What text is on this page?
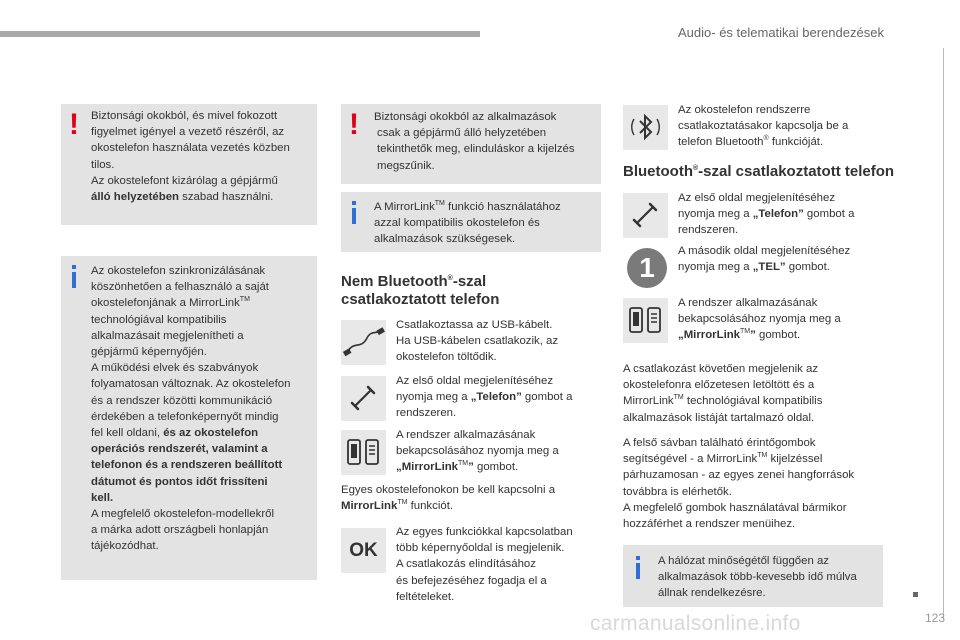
Audio- és telematikai berendezések

Biztonsági okokból, és mivel fokozott

figyelmet igényel a vezető részéről, az

okostelefon használata vezetés közben

tilos.

Az okostelefont kizárólag a gépjármű

álló helyzetében szabad használni.

!

Az okostelefon szinkronizálásának

köszönhetően a felhasználó a saját

okostelefonjának a MirrorLink™

technológiával kompatibilis

alkalmazásait megjelenítheti a

gépjármű képernyőjén.

A működési elvek és szabványok

folyamatosan változnak. Az okostelefon

és a rendszer közötti kommunikáció

érdekében a telefonképernyőt mindig

fel kell oldani, és az okostelefon

operációs rendszerét, valamint a

telefonon és a rendszeren beállított

dátumot és pontos időt frissíteni

kell.

A megfelelő okostelefon-modellekről

a márka adott országbeli honlapján

tájékozódhat.

Biztonsági okokból az alkalmazások

csak a gépjármű álló helyzetében

tekinthetők meg, elinduláskor a kijelzés

megszűnik.

!

A MirrorLink™ funkció használatához

azzal kompatibilis okostelefon és

alkalmazások szükségesek.

Nem Bluetooth®-szal
csatlakoztatott telefon

Csatlakoztassa az USB-kábelt.

Ha USB-kábelen csatlakozik, az

okostelefon töltődik.

Az első oldal megjelenítéséhez

nyomja meg a „Telefon” gombot a

rendszeren.

A rendszer alkalmazásának

bekapcsolásához nyomja meg a

„MirrorLink™” gombot.

Egyes okostelefonokon be kell kapcsolni a

MirrorLink™ funkciót.

OK

Az egyes funkciókkal kapcsolatban

több képernyőoldal is megjelenik.

A csatlakozás elindításához

és befejezéséhez fogadja el a

feltételeket.

Az okostelefon rendszerre

csatlakoztatásakor kapcsolja be a

telefon Bluetooth® funkcióját.

Bluetooth®-szal csatlakoztatott telefon

Az első oldal megjelenítéséhez

nyomja meg a „Telefon” gombot a

rendszeren.

1

A második oldal megjelenítéséhez

nyomja meg a „TEL” gombot.

A rendszer alkalmazásának

bekapcsolásához nyomja meg a

„MirrorLink™” gombot.

A csatlakozást követően megjelenik az

okostelefonra előzetesen letöltött és a

MirrorLink™ technológiával kompatibilis

alkalmazások listáját tartalmazó oldal.

A felső sávban található érintőgombok

segítségével - a MirrorLink™ kijelzéssel

párhuzamosan - az egyes zenei hangforrások

továbbra is elérhetők.

A megfelelő gombok használatával bármikor

hozzáférhet a rendszer menüihez.

A hálózat minőségétől függően az

alkalmazások több-kevesebb idő múlva

állnak rendelkezésre.

carmanualsonline.info	123
